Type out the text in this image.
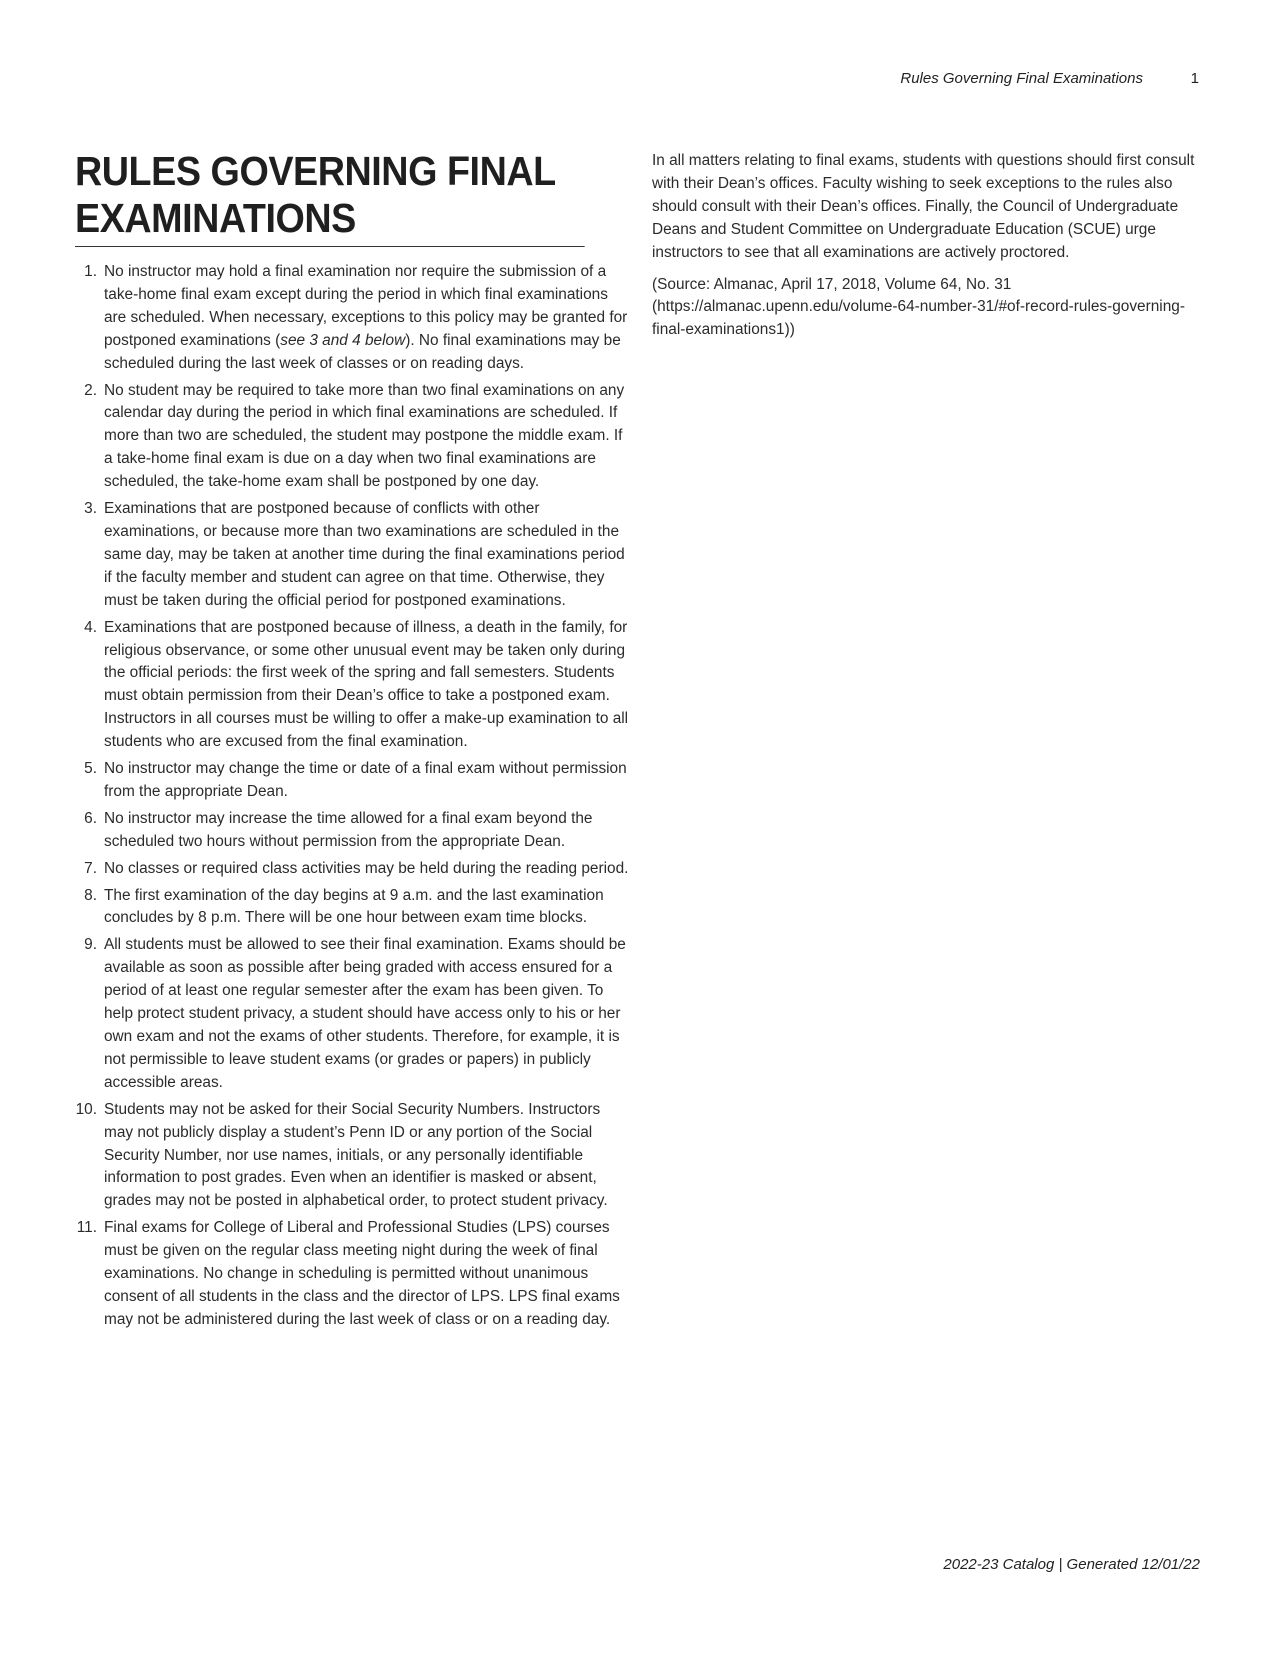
Rules Governing Final Examinations	1
RULES GOVERNING FINAL
EXAMINATIONS
1. No instructor may hold a final examination nor require the submission of a take-home final exam except during the period in which final examinations are scheduled. When necessary, exceptions to this policy may be granted for postponed examinations (see 3 and 4 below). No final examinations may be scheduled during the last week of classes or on reading days.
2. No student may be required to take more than two final examinations on any calendar day during the period in which final examinations are scheduled. If more than two are scheduled, the student may postpone the middle exam. If a take-home final exam is due on a day when two final examinations are scheduled, the take-home exam shall be postponed by one day.
3. Examinations that are postponed because of conflicts with other examinations, or because more than two examinations are scheduled in the same day, may be taken at another time during the final examinations period if the faculty member and student can agree on that time. Otherwise, they must be taken during the official period for postponed examinations.
4. Examinations that are postponed because of illness, a death in the family, for religious observance, or some other unusual event may be taken only during the official periods: the first week of the spring and fall semesters. Students must obtain permission from their Dean’s office to take a postponed exam. Instructors in all courses must be willing to offer a make-up examination to all students who are excused from the final examination.
5. No instructor may change the time or date of a final exam without permission from the appropriate Dean.
6. No instructor may increase the time allowed for a final exam beyond the scheduled two hours without permission from the appropriate Dean.
7. No classes or required class activities may be held during the reading period.
8. The first examination of the day begins at 9 a.m. and the last examination concludes by 8 p.m. There will be one hour between exam time blocks.
9. All students must be allowed to see their final examination. Exams should be available as soon as possible after being graded with access ensured for a period of at least one regular semester after the exam has been given. To help protect student privacy, a student should have access only to his or her own exam and not the exams of other students. Therefore, for example, it is not permissible to leave student exams (or grades or papers) in publicly accessible areas.
10. Students may not be asked for their Social Security Numbers. Instructors may not publicly display a student’s Penn ID or any portion of the Social Security Number, nor use names, initials, or any personally identifiable information to post grades. Even when an identifier is masked or absent, grades may not be posted in alphabetical order, to protect student privacy.
11. Final exams for College of Liberal and Professional Studies (LPS) courses must be given on the regular class meeting night during the week of final examinations. No change in scheduling is permitted without unanimous consent of all students in the class and the director of LPS. LPS final exams may not be administered during the last week of class or on a reading day.

In all matters relating to final exams, students with questions should first consult with their Dean’s offices. Faculty wishing to seek exceptions to the rules also should consult with their Dean’s offices. Finally, the Council of Undergraduate Deans and Student Committee on Undergraduate Education (SCUE) urge instructors to see that all examinations are actively proctored.

(Source: Almanac, April 17, 2018, Volume 64, No. 31 (https://almanac.upenn.edu/volume-64-number-31/#of-record-rules-governing-final-examinations1))

2022-23 Catalog | Generated 12/01/22
